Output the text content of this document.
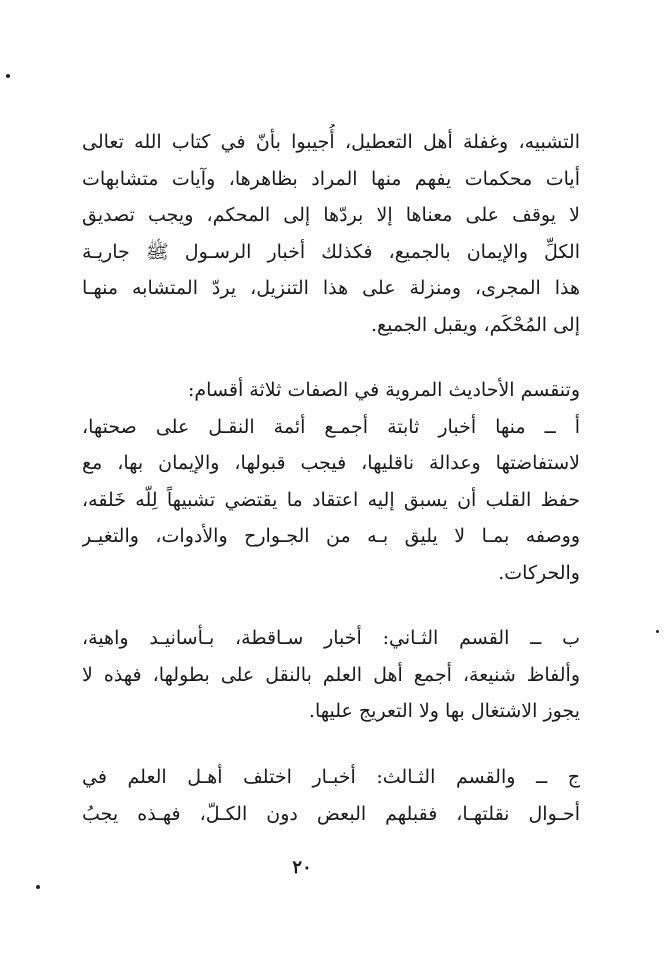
التشبيه، وغفلة أهل التعطيل، أُجيبوا بأنّ في كتاب الله تعالى
أيات محكمات يفهم منها المراد بظاهرها، وآيات متشابهات
لا يوقف على معناها إلا بردّها إلى المحكم، ويجب تصديق
الكلِّ والإيمان بالجميع، فكذلك أخبار الرسـول ﷺ جاريـة
هذا المجرى، ومنزلة على هذا التنزيل، يردّ المتشابه منهـا
إلى المُحْكَم، ويقبل الجميع.
وتنقسم الأحاديث المروية في الصفات ثلاثة أقسام:
أ ــ منها أخبار ثابتة أجمـع أئمة النقـل على صحتها،
لاستفاضتها وعدالة ناقليها، فيجب قبولها، والإيمان بها، مع
حفظ القلب أن يسبق إليه اعتقاد ما يقتضي تشبيهاً لِلّه خَلقه،
ووصفه بمـا لا يليق بـه من الجـوارح والأدوات، والتغيـر
والحركات.
ب ــ القسم الثـاني: أخبار سـاقطة، بـأسانيـد واهية،
وألفاظ شنيعة، أجمع أهل العلم بالنقل على بطولها، فهذه لا
يجوز الاشتغال بها ولا التعريج عليها.
ج ــ والقسم الثـالث: أخبـار اختلف أهـل العلم في
أحـوال نقلتهـا، فقبلهم البعض دون الكـلّ، فهـذه يجبُ
٢٠
